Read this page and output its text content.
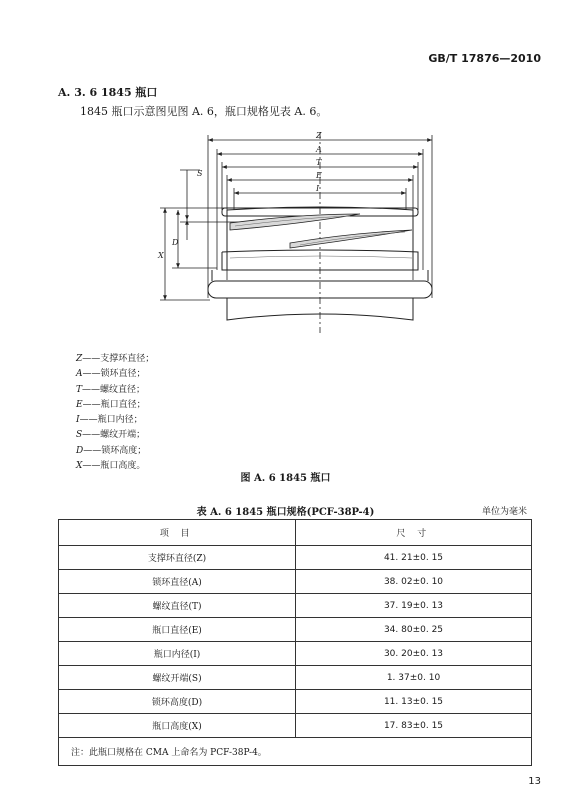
GB/T 17876—2010
A. 3. 6 1845 瓶口
1845 瓶口示意图见图 A. 6，瓶口规格见表 A. 6。
Z
A
T
E
I
S
D
X
Z——支撑环直径；
A——锁环直径；
T——螺纹直径；
E——瓶口直径；
I——瓶口内径；
S——螺纹开端；
D——锁环高度；
X——瓶口高度。
图 A. 6 1845 瓶口
表 A. 6 1845 瓶口规格(PCF-38P-4)	单位为毫米
项 目	尺 寸
支撑环直径(Z)	41. 21±0. 15
锁环直径(A)	38. 02±0. 10
螺纹直径(T)	37. 19±0. 13
瓶口直径(E)	34. 80±0. 25
瓶口内径(I)	30. 20±0. 13
螺纹开端(S)	1. 37±0. 10
锁环高度(D)	11. 13±0. 15
瓶口高度(X)	17. 83±0. 15
注：此瓶口规格在 CMA 上命名为 PCF-38P-4。	
13
